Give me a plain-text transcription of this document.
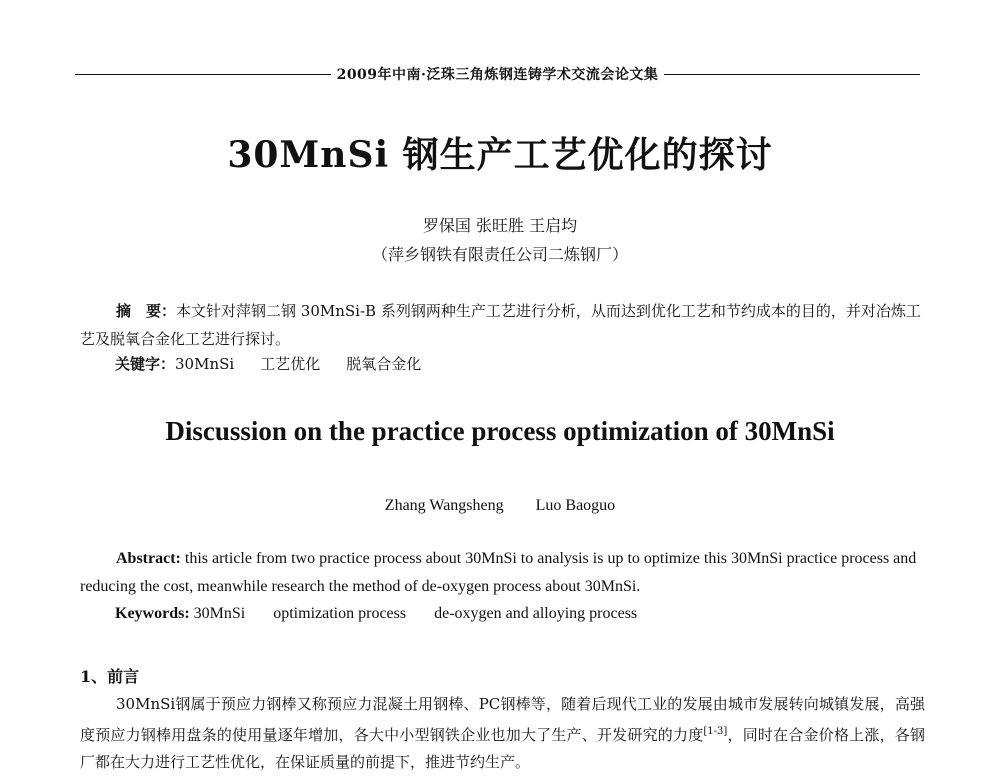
2009年中南·泛珠三角炼钢连铸学术交流会论文集
30MnSi 钢生产工艺优化的探讨
罗保国 张旺胜 王启均
（萍乡钢铁有限责任公司二炼钢厂）
摘　要：本文针对萍钢二钢 30MnSi-B 系列钢两种生产工艺进行分析，从而达到优化工艺和节约成本的目的，并对冶炼工艺及脱氧合金化工艺进行探讨。
关键字：30MnSi 工艺优化 脱氧合金化
Discussion on the practice process optimization of 30MnSi
Zhang Wangsheng　　Luo Baoguo
Abstract: this article from two practice process about 30MnSi to analysis is up to optimize this 30MnSi practice process and reducing the cost, meanwhile research the method of de-oxygen process about 30MnSi.
Keywords: 30MnSi optimization process de-oxygen and alloying process
1、前言
30MnSi钢属于预应力钢棒又称预应力混凝土用钢棒、PC钢棒等，随着后现代工业的发展由城市发展转向城镇发展，高强度预应力钢棒用盘条的使用量逐年增加，各大中小型钢铁企业也加大了生产、开发研究的力度[1-3]，同时在合金价格上涨，各钢厂都在大力进行工艺性优化，在保证质量的前提下，推进节约生产。
